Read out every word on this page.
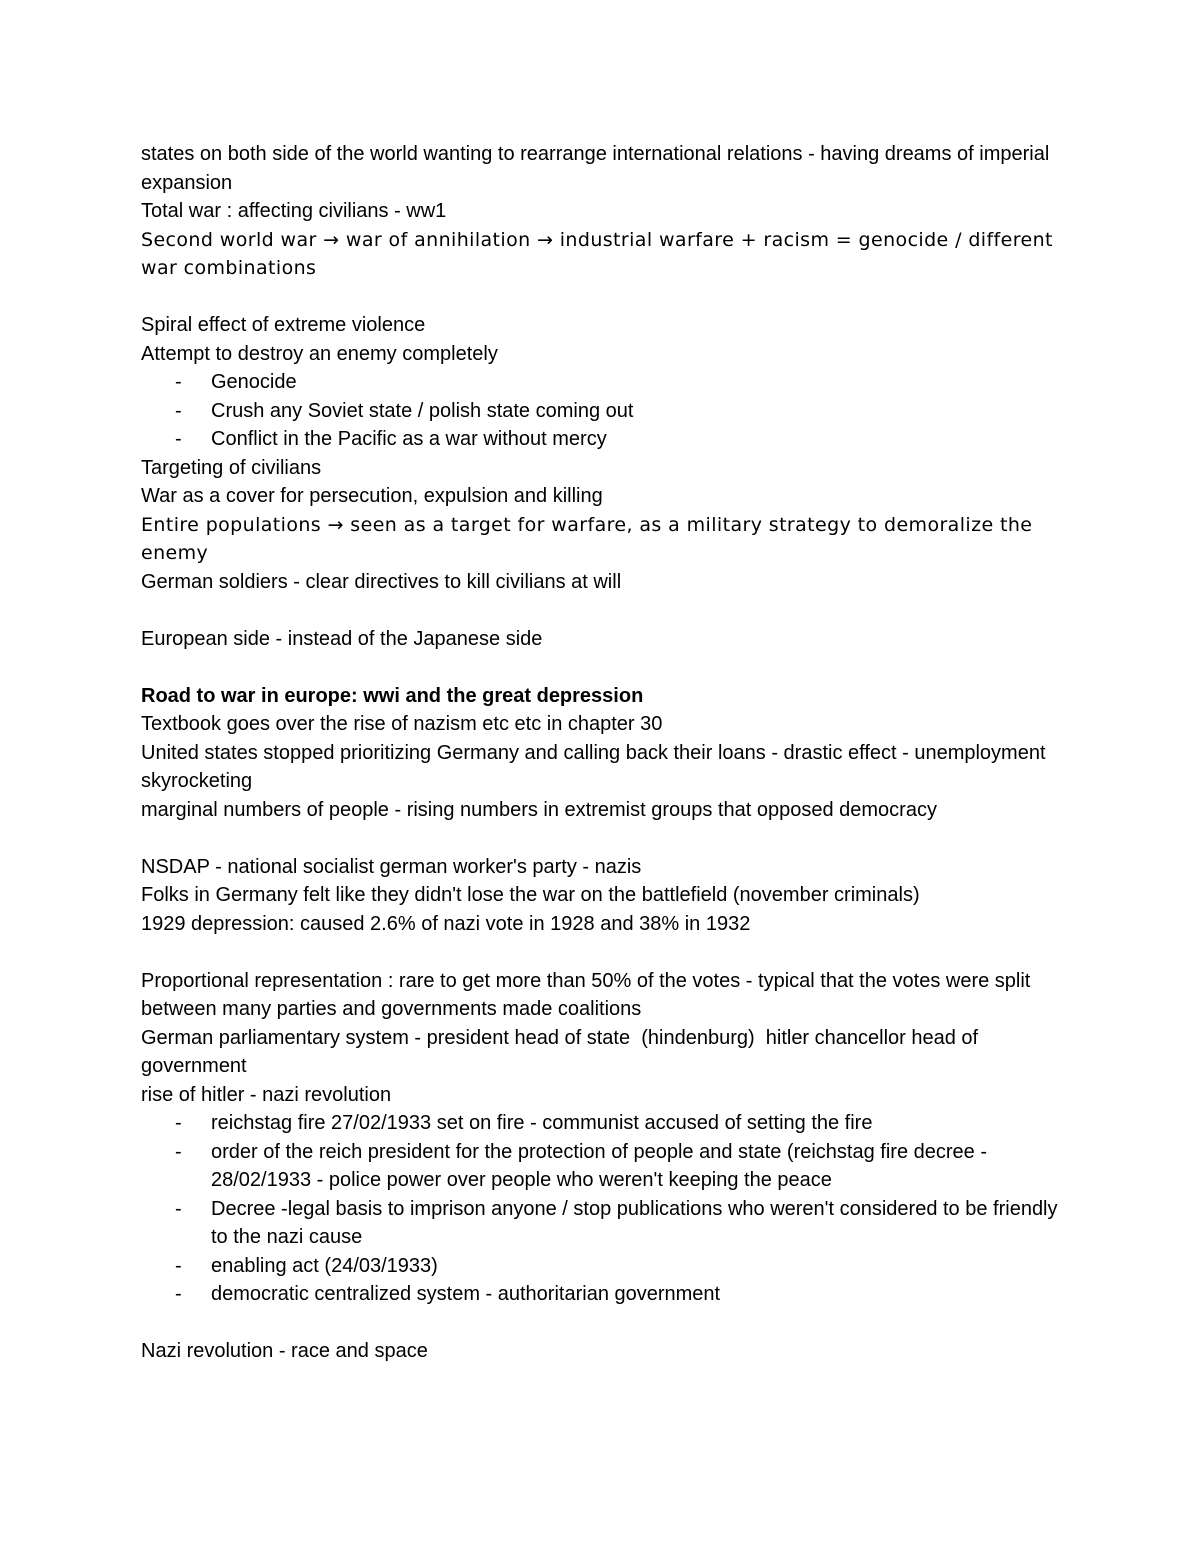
states on both side of the world wanting to rearrange international relations - having dreams of imperial expansion

Total war : affecting civilians - ww1

Second world war → war of annihilation → industrial warfare + racism = genocide / different war combinations

Spiral effect of extreme violence

Attempt to destroy an enemy completely

- Genocide

- Crush any Soviet state / polish state coming out

- Conflict in the Pacific as a war without mercy

Targeting of civilians

War as a cover for persecution, expulsion and killing

Entire populations → seen as a target for warfare, as a military strategy to demoralize the enemy

German soldiers - clear directives to kill civilians at will

European side - instead of the Japanese side

Road to war in europe: wwi and the great depression

Textbook goes over the rise of nazism etc etc in chapter 30

United states stopped prioritizing Germany and calling back their loans - drastic effect - unemployment skyrocketing

marginal numbers of people - rising numbers in extremist groups that opposed democracy

NSDAP - national socialist german worker's party - nazis

Folks in Germany felt like they didn't lose the war on the battlefield (november criminals)

1929 depression: caused 2.6% of nazi vote in 1928 and 38% in 1932

Proportional representation : rare to get more than 50% of the votes - typical that the votes were split between many parties and governments made coalitions

German parliamentary system - president head of state  (hindenburg)  hitler chancellor head of government

rise of hitler - nazi revolution

- reichstag fire 27/02/1933 set on fire - communist accused of setting the fire

- order of the reich president for the protection of people and state (reichstag fire decree - 28/02/1933 - police power over people who weren't keeping the peace

- Decree -legal basis to imprison anyone / stop publications who weren't considered to be friendly to the nazi cause

- enabling act (24/03/1933)

- democratic centralized system - authoritarian government

Nazi revolution - race and space
